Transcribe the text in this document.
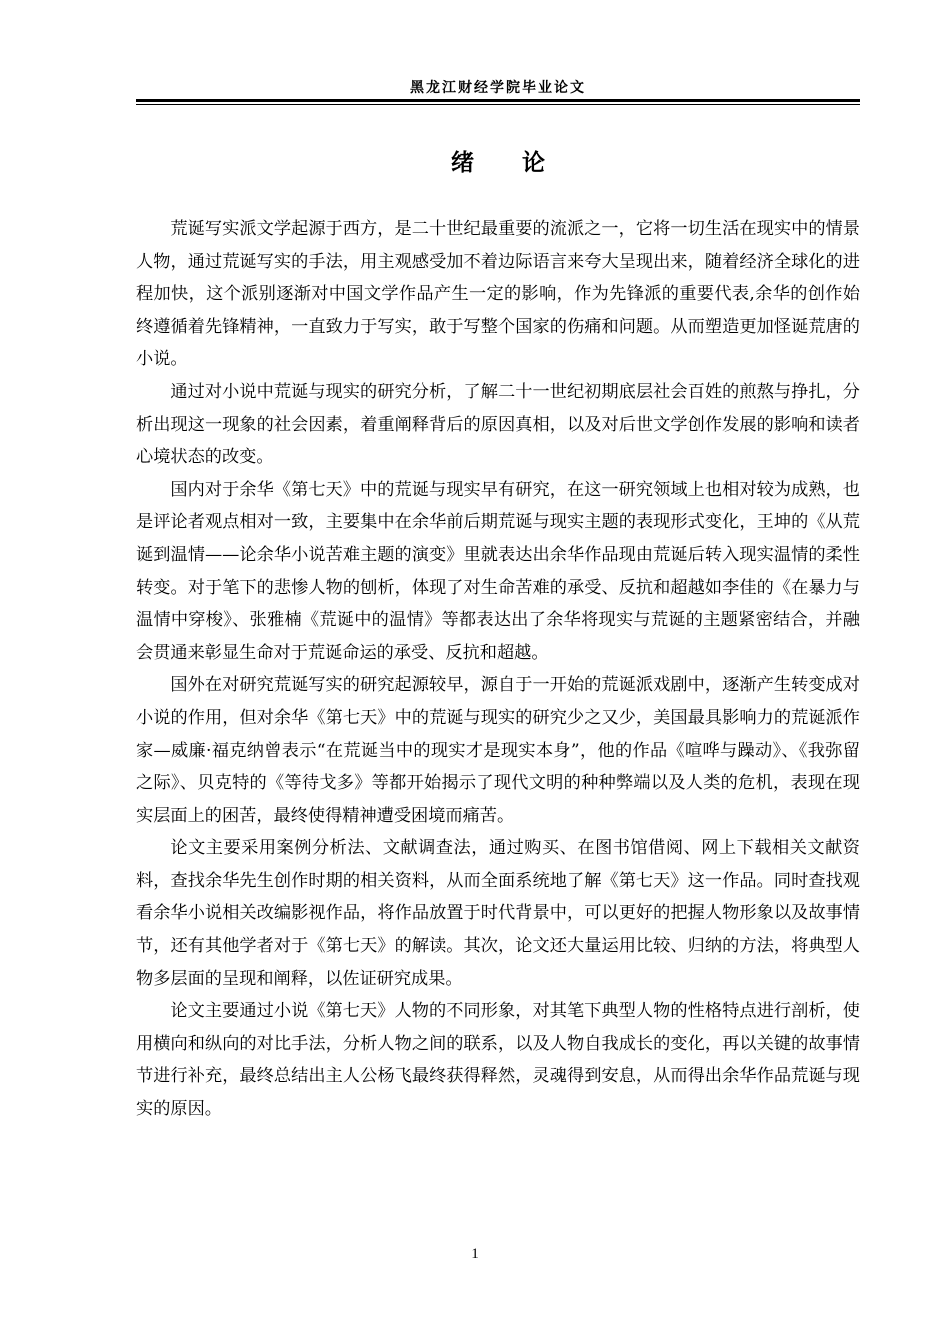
黑龙江财经学院毕业论文
绪论

荒诞写实派文学起源于西方，是二十世纪最重要的流派之一，它将一切生活在现实中的情景人物，通过荒诞写实的手法，用主观感受加不着边际语言来夸大呈现出来，随着经济全球化的进程加快，这个派别逐渐对中国文学作品产生一定的影响，作为先锋派的重要代表,余华的创作始终遵循着先锋精神，一直致力于写实，敢于写整个国家的伤痛和问题。从而塑造更加怪诞荒唐的小说。

通过对小说中荒诞与现实的研究分析，了解二十一世纪初期底层社会百姓的煎熬与挣扎，分析出现这一现象的社会因素，着重阐释背后的原因真相，以及对后世文学创作发展的影响和读者心境状态的改变。

国内对于余华《第七天》中的荒诞与现实早有研究，在这一研究领域上也相对较为成熟，也是评论者观点相对一致，主要集中在余华前后期荒诞与现实主题的表现形式变化，王坤的《从荒诞到温情——论余华小说苦难主题的演变》里就表达出余华作品现由荒诞后转入现实温情的柔性转变。对于笔下的悲惨人物的刨析，体现了对生命苦难的承受、反抗和超越如李佳的《在暴力与温情中穿梭》、张雅楠《荒诞中的温情》等都表达出了余华将现实与荒诞的主题紧密结合，并融会贯通来彰显生命对于荒诞命运的承受、反抗和超越。

国外在对研究荒诞写实的研究起源较早，源自于一开始的荒诞派戏剧中，逐渐产生转变成对小说的作用，但对余华《第七天》中的荒诞与现实的研究少之又少，美国最具影响力的荒诞派作家—威廉·福克纳曾表示“在荒诞当中的现实才是现实本身”，他的作品《喧哗与躁动》、《我弥留之际》、贝克特的《等待戈多》等都开始揭示了现代文明的种种弊端以及人类的危机，表现在现实层面上的困苦，最终使得精神遭受困境而痛苦。

论文主要采用案例分析法、文献调查法，通过购买、在图书馆借阅、网上下载相关文献资料，查找余华先生创作时期的相关资料，从而全面系统地了解《第七天》这一作品。同时查找观看余华小说相关改编影视作品，将作品放置于时代背景中，可以更好的把握人物形象以及故事情节，还有其他学者对于《第七天》的解读。其次，论文还大量运用比较、归纳的方法，将典型人物多层面的呈现和阐释，以佐证研究成果。

论文主要通过小说《第七天》人物的不同形象，对其笔下典型人物的性格特点进行剖析，使用横向和纵向的对比手法，分析人物之间的联系，以及人物自我成长的变化，再以关键的故事情节进行补充，最终总结出主人公杨飞最终获得释然，灵魂得到安息，从而得出余华作品荒诞与现实的原因。

1
